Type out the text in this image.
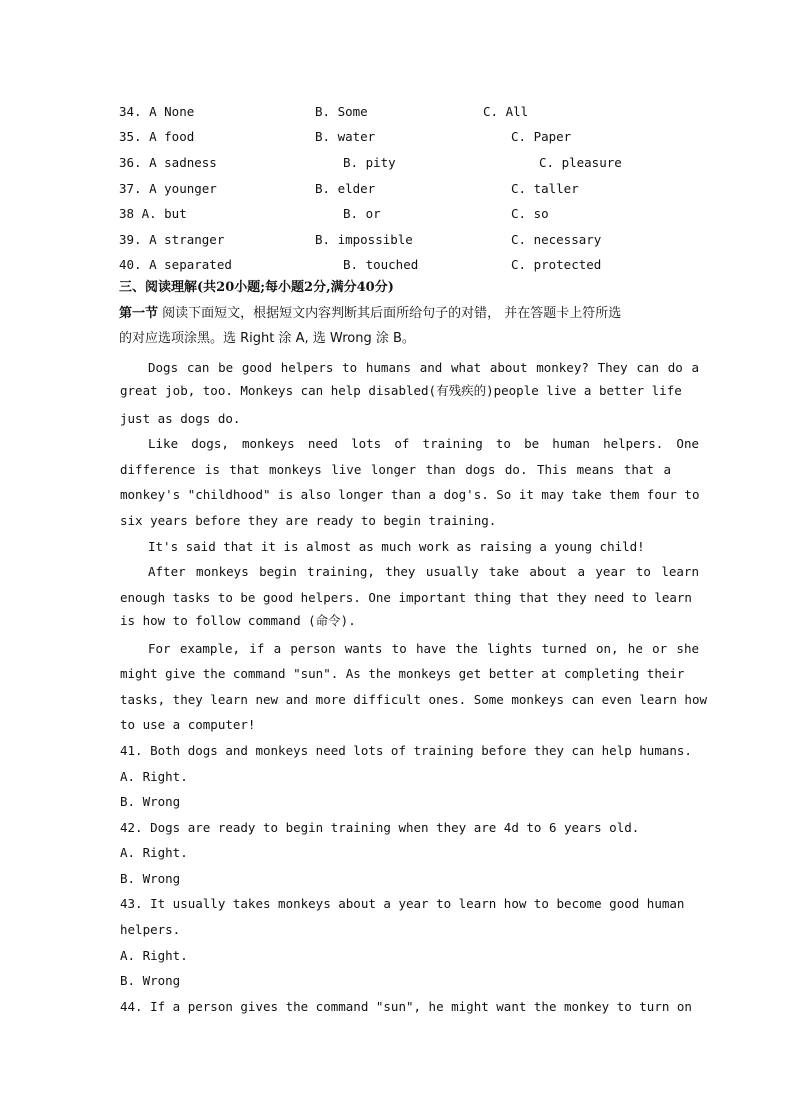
34. A None	B. Some	C. All
35. A food	B. water	C. Paper
36. A sadness	B. pity	C. pleasure
37. A younger	B. elder	C. taller
38 A. but	B. or	C. so
39. A stranger	B. impossible	C. necessary
40. A separated	B. touched	C. protected
三、阅读理解(共20小题;每小题2分,满分40分)
第一节 阅读下面短文，根据短文内容判断其后面所给句子的对错， 并在答题卡上符所选
的对应选项涂黑。选 Right 涂 A, 选 Wrong 涂 B。
Dogs can be good helpers to humans and what about monkey? They can do a
great job, too. Monkeys can help disabled(有残疾的)people live a better life
just as dogs do.
Like dogs, monkeys need lots of training to be human helpers. One
difference is that monkeys live longer than dogs do. This means that a
monkey's "childhood" is also longer than a dog's. So it may take them four to
six years before they are ready to begin training.
It's said that it is almost as much work as raising a young child!
After monkeys begin training, they usually take about a year to learn
enough tasks to be good helpers. One important thing that they need to learn
is how to follow command (命令).
For example, if a person wants to have the lights turned on, he or she
might give the command "sun". As the monkeys get better at completing their
tasks, they learn new and more difficult ones. Some monkeys can even learn how
to use a computer!
41. Both dogs and monkeys need lots of training before they can help humans.
A. Right.
B. Wrong
42. Dogs are ready to begin training when they are 4d to 6 years old.
A. Right.
B. Wrong
43. It usually takes monkeys about a year to learn how to become good human
helpers.
A. Right.
B. Wrong
44. If a person gives the command "sun", he might want the monkey to turn on
